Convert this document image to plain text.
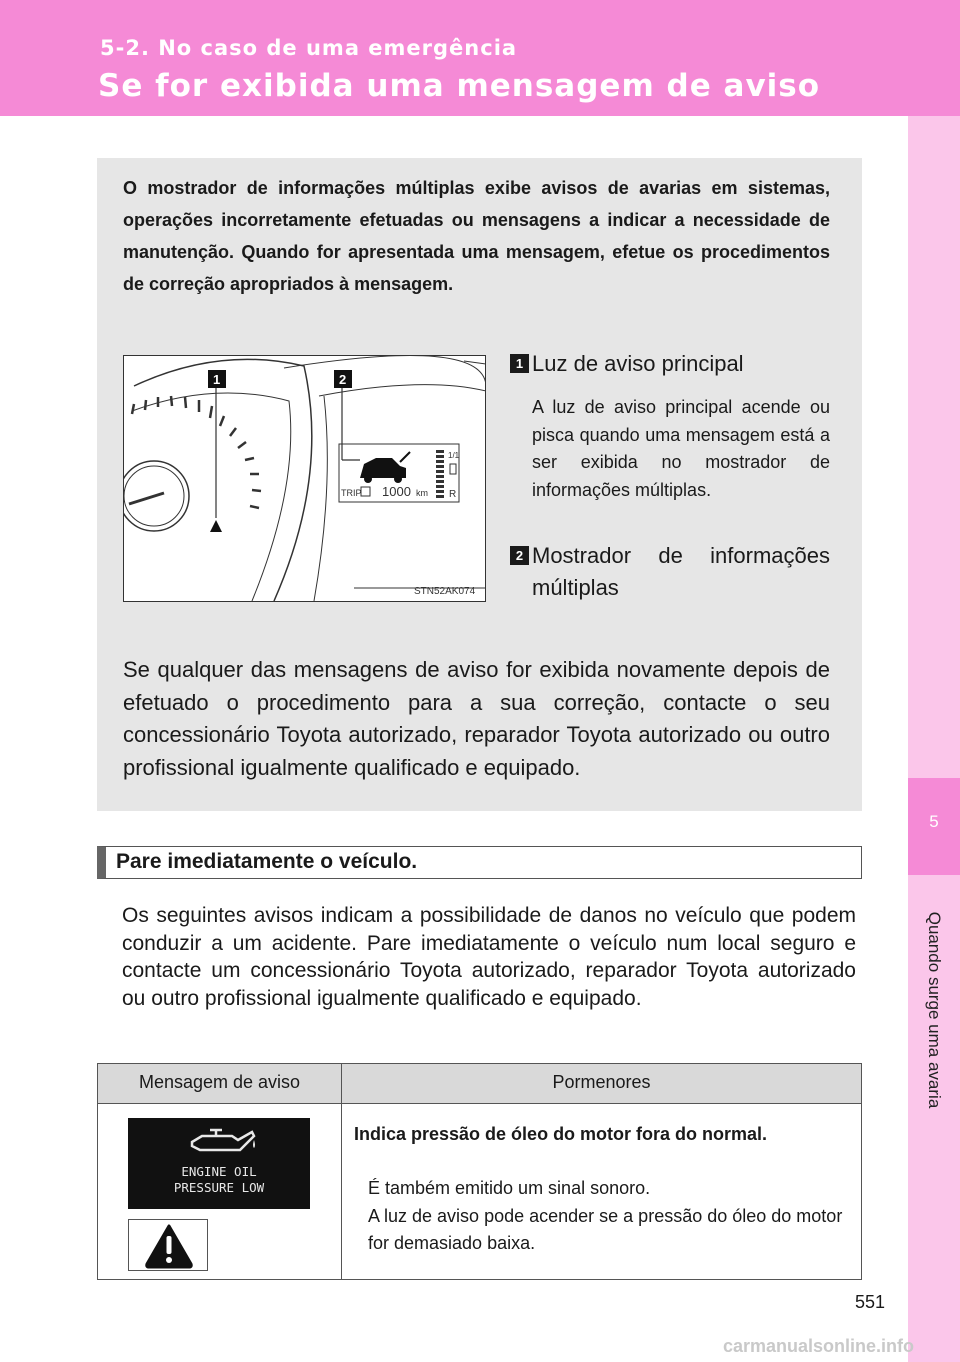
5-2. No caso de uma emergência
Se for exibida uma mensagem de aviso
5
Quando surge uma avaria
O mostrador de informações múltiplas exibe avisos de avarias em sistemas, operações incorretamente efetuadas ou mensagens a indicar a necessidade de manutenção. Quando for apresentada uma mensagem, efetue os procedimentos de correção apropriados à mensagem.
1/1
R
TRIP 1000 km
1	2
STN52AK074
1 Luz de aviso principal
A luz de aviso principal acende ou pisca quando uma mensagem está a ser exibida no mostrador de informações múltiplas.
2 Mostrador de informações múltiplas
Se qualquer das mensagens de aviso for exibida novamente depois de efetuado o procedimento para a sua correção, contacte o seu concessionário Toyota autorizado, reparador Toyota autorizado ou outro profissional igualmente qualificado e equipado.
Pare imediatamente o veículo.
Os seguintes avisos indicam a possibilidade de danos no veículo que podem conduzir a um acidente. Pare imediatamente o veículo num local seguro e contacte um concessionário Toyota autorizado, reparador Toyota autorizado ou outro profissional igualmente qualificado e equipado.
Mensagem de aviso	Pormenores
ENGINE OIL
PRESSURE LOW
Indica pressão de óleo do motor fora do normal.
É também emitido um sinal sonoro.
A luz de aviso pode acender se a pressão do óleo do motor for demasiado baixa.
551
carmanualsonline.info
